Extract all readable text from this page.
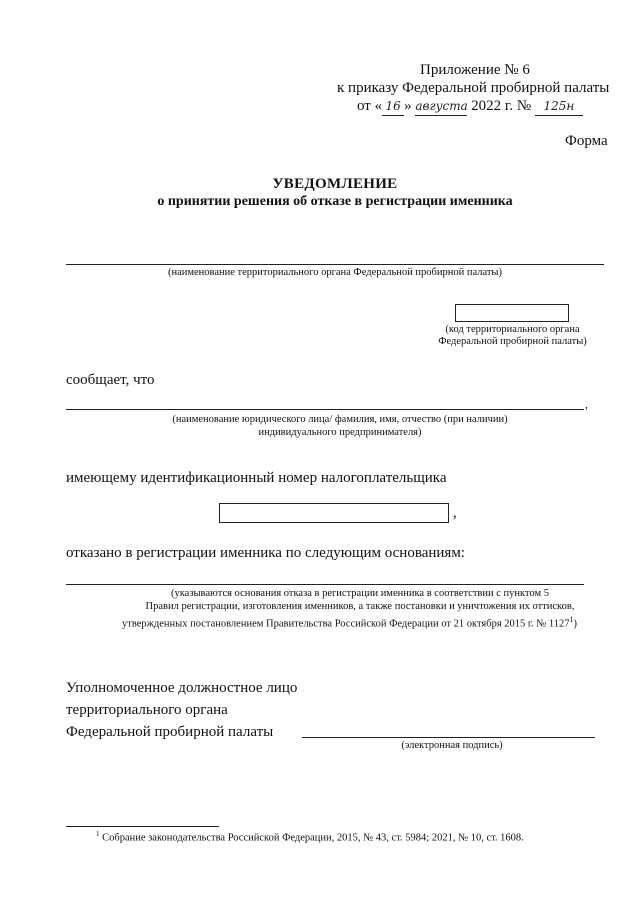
Приложение № 6
к приказу Федеральной пробирной палаты
от « 16 » августа 2022 г. № 125н
Форма
УВЕДОМЛЕНИЕ
о принятии решения об отказе в регистрации именника
(наименование территориального органа Федеральной пробирной палаты)
(код территориального органа
Федеральной пробирной палаты)
сообщает, что
,
(наименование юридического лица/ фамилия, имя, отчество (при наличии)
индивидуального предпринимателя)
имеющему идентификационный номер налогоплательщика
,
отказано в регистрации именника по следующим основаниям:
(указываются основания отказа в регистрации именника в соответствии с пунктом 5
Правил регистрации, изготовления именников, а также постановки и уничтожения их оттисков,
утвержденных постановлением Правительства Российской Федерации от 21 октября 2015 г. № 1127$^1$)
Уполномоченное должностное лицо
территориального органа
Федеральной пробирной палаты
(электронная подпись)
$^1$ Собрание законодательства Российской Федерации, 2015, № 43, ст. 5984; 2021, № 10, ст. 1608.
